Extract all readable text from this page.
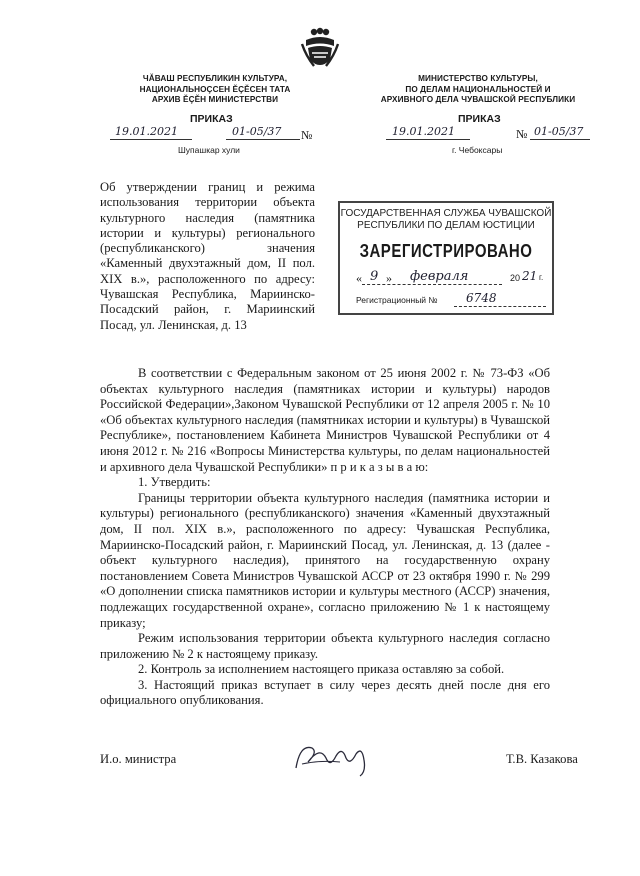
ЧĂВАШ РЕСПУБЛИКИН КУЛЬТУРА,
НАЦИОНАЛЬНОÇСЕН ĔÇĔСЕН ТАТА
АРХИВ ĔÇĔН МИНИСТЕРСТВИ
МИНИСТЕРСТВО КУЛЬТУРЫ,
ПО ДЕЛАМ НАЦИОНАЛЬНОСТЕЙ И
АРХИВНОГО ДЕЛА ЧУВАШСКОЙ РЕСПУБЛИКИ
ПРИКАЗ	ПРИКАЗ
19.01.2021	01-05/37 №
Шупашкар хули
19.01.2021	№ 01-05/37
г. Чебоксары
Об утверждении границ и режима использования территории объекта культурного наследия (памятника истории и культуры) регионального (республиканского) значения «Каменный двухэтажный дом, II пол. XIX в.», расположенного по адресу: Чувашская Республика, Мариинско-Посадский район, г. Мариинский Посад, ул. Ленинская, д. 13
ГОСУДАРСТВЕННАЯ СЛУЖБА ЧУВАШСКОЙ
РЕСПУБЛИКИ ПО ДЕЛАМ ЮСТИЦИИ
ЗАРЕГИСТРИРОВАНО
« 9 » февраля	20 21 г.
Регистрационный № 6748

В соответствии с Федеральным законом от 25 июня 2002 г. № 73-ФЗ «Об объектах культурного наследия (памятниках истории и культуры) народов Российской Федерации»,Законом Чувашской Республики от 12 апреля 2005 г. № 10 «Об объектах культурного наследия (памятниках истории и культуры) в Чувашской Республике», постановлением Кабинета Министров Чувашской Республики от 4 июня 2012 г. № 216 «Вопросы Министерства культуры, по делам национальностей и архивного дела Чувашской Республики» п р и к а з ы в а ю:

1. Утвердить:

Границы территории объекта культурного наследия (памятника истории и культуры) регионального (республиканского) значения «Каменный двухэтажный дом, II пол. XIX в.», расположенного по адресу: Чувашская Республика, Мариинско-Посадский район, г. Мариинский Посад, ул. Ленинская, д. 13 (далее - объект культурного наследия), принятого на государственную охрану постановлением Совета Министров Чувашской АССР от 23 октября 1990 г. № 299 «О дополнении списка памятников истории и культуры местного (АССР) значения, подлежащих государственной охране», согласно приложению № 1 к настоящему приказу;

Режим использования территории объекта культурного наследия согласно приложению № 2 к настоящему приказу.

2. Контроль за исполнением настоящего приказа оставляю за собой.

3. Настоящий приказ вступает в силу через десять дней после дня его официального опубликования.

И.о. министра	Т.В. Казакова
